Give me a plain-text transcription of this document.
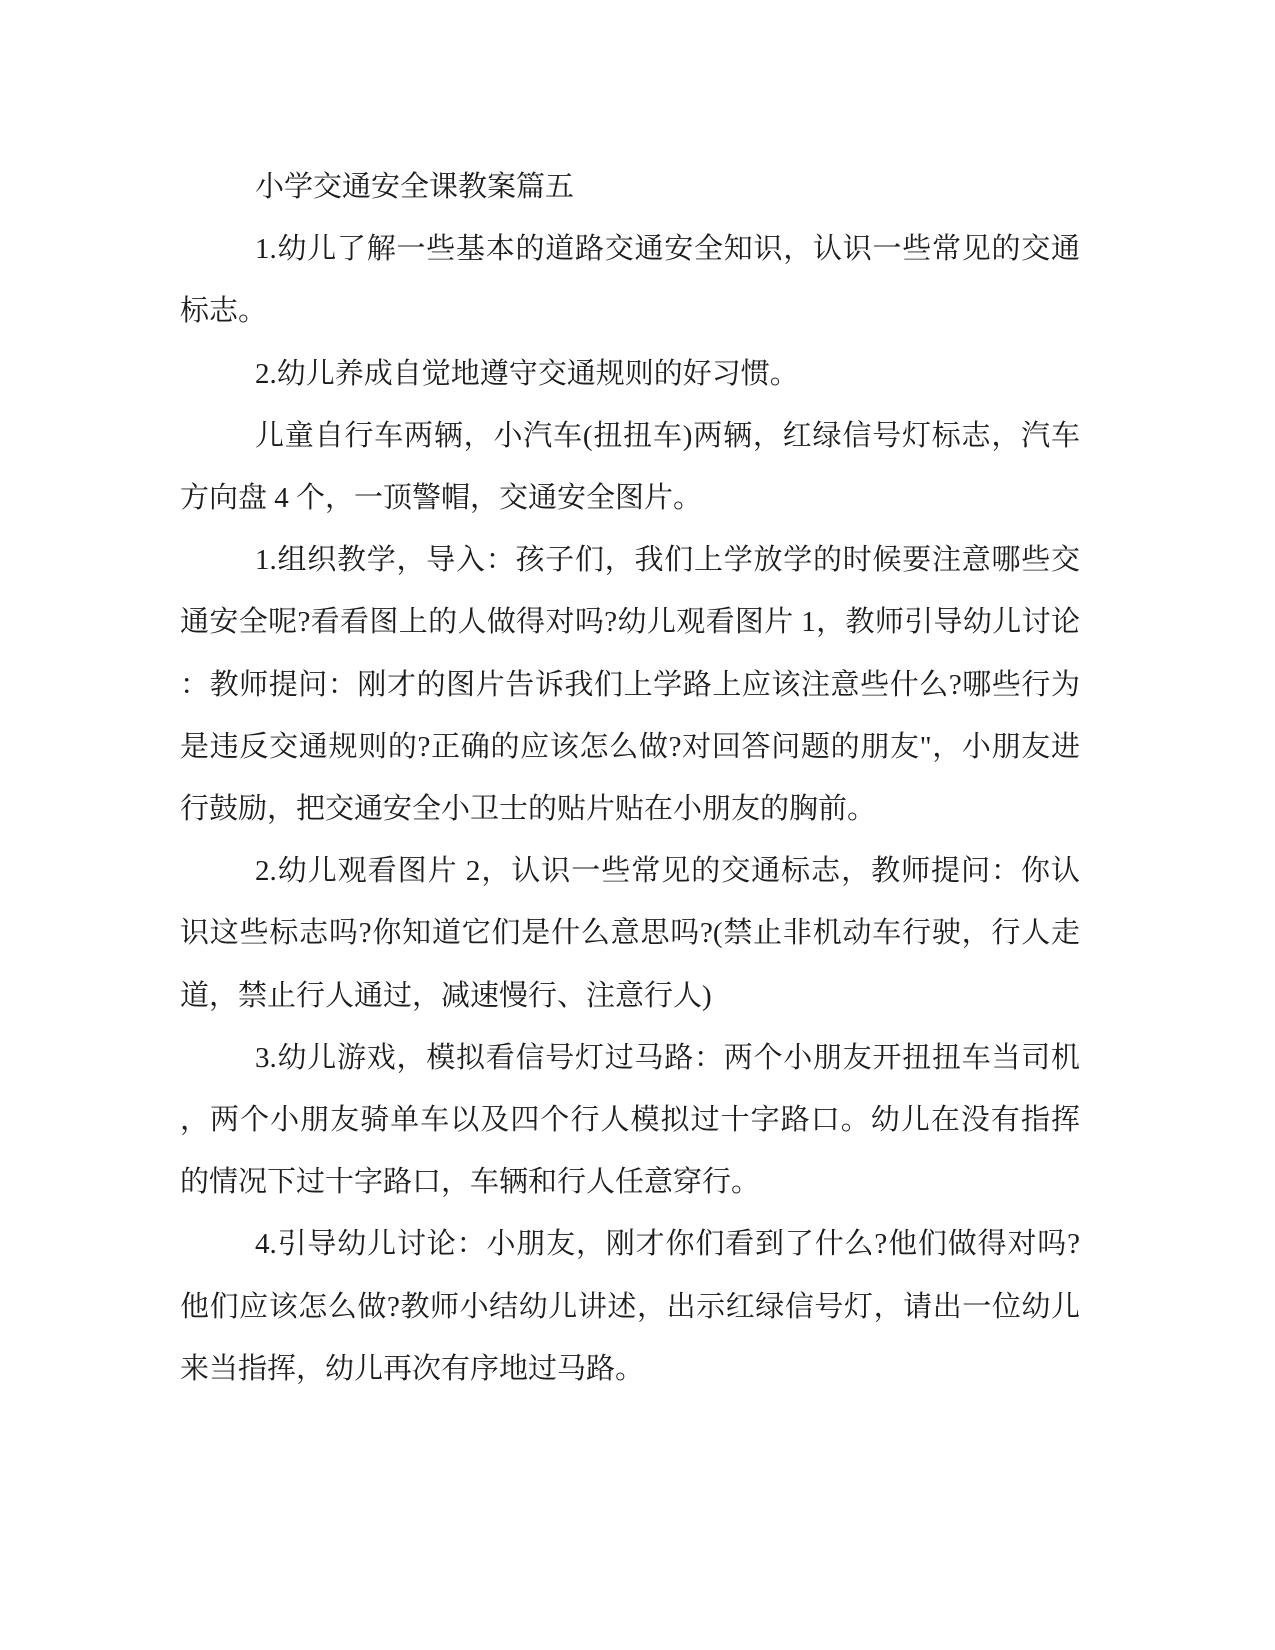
小学交通安全课教案篇五
1.幼儿了解一些基本的道路交通安全知识，认识一些常见的交通
标志。
2.幼儿养成自觉地遵守交通规则的好习惯。
儿童自行车两辆，小汽车(扭扭车)两辆，红绿信号灯标志，汽车
方向盘 4 个，一顶警帽，交通安全图片。
1.组织教学，导入：孩子们，我们上学放学的时候要注意哪些交
通安全呢?看看图上的人做得对吗?幼儿观看图片 1，教师引导幼儿讨论
：教师提问：刚才的图片告诉我们上学路上应该注意些什么?哪些行为
是违反交通规则的?正确的应该怎么做?对回答问题的朋友"，小朋友进
行鼓励，把交通安全小卫士的贴片贴在小朋友的胸前。
2.幼儿观看图片 2，认识一些常见的交通标志，教师提问：你认
识这些标志吗?你知道它们是什么意思吗?(禁止非机动车行驶，行人走
道，禁止行人通过，减速慢行、注意行人)
3.幼儿游戏，模拟看信号灯过马路：两个小朋友开扭扭车当司机
，两个小朋友骑单车以及四个行人模拟过十字路口。幼儿在没有指挥
的情况下过十字路口，车辆和行人任意穿行。
4.引导幼儿讨论：小朋友，刚才你们看到了什么?他们做得对吗?
他们应该怎么做?教师小结幼儿讲述，出示红绿信号灯，请出一位幼儿
来当指挥，幼儿再次有序地过马路。
